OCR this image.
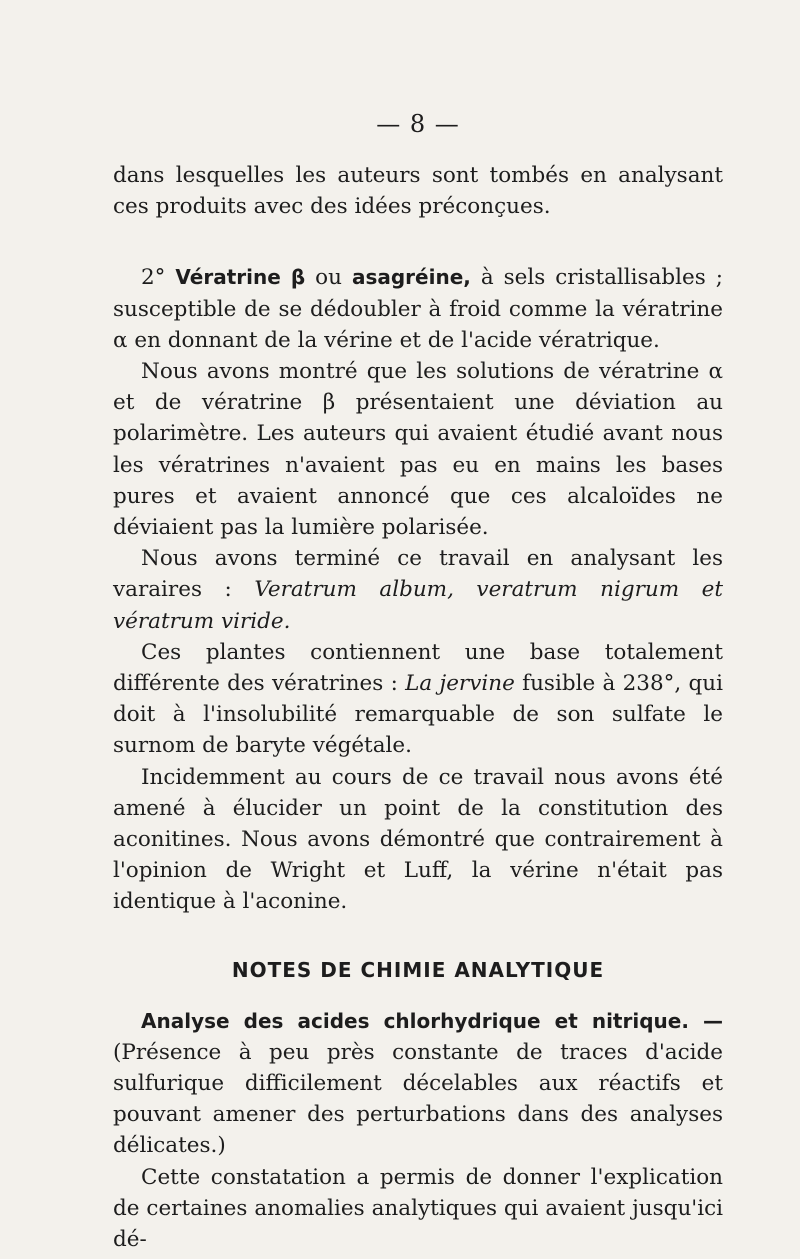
— 8 —

dans lesquelles les auteurs sont tombés en analysant ces produits avec des idées préconçues.

2° Vératrine β ou asagréine, à sels cristallisables ; susceptible de se dédoubler à froid comme la vératrine α en donnant de la vérine et de l'acide vératrique.

Nous avons montré que les solutions de vératrine α et de vératrine β présentaient une déviation au polarimètre. Les auteurs qui avaient étudié avant nous les vératrines n'avaient pas eu en mains les bases pures et avaient annoncé que ces alcaloïdes ne déviaient pas la lumière polarisée.

Nous avons terminé ce travail en analysant les varaires : Veratrum album, veratrum nigrum et vératrum viride.

Ces plantes contiennent une base totalement différente des vératrines : La jervine fusible à 238°, qui doit à l'insolubilité remarquable de son sulfate le surnom de baryte végétale.

Incidemment au cours de ce travail nous avons été amené à élucider un point de la constitution des aconitines. Nous avons démontré que contrairement à l'opinion de Wright et Luff, la vérine n'était pas identique à l'aconine.

NOTES DE CHIMIE ANALYTIQUE

Analyse des acides chlorhydrique et nitrique. — (Présence à peu près constante de traces d'acide sulfurique difficilement décelables aux réactifs et pouvant amener des perturbations dans des analyses délicates.)

Cette constatation a permis de donner l'explication de certaines anomalies analytiques qui avaient jusqu'ici dé-
